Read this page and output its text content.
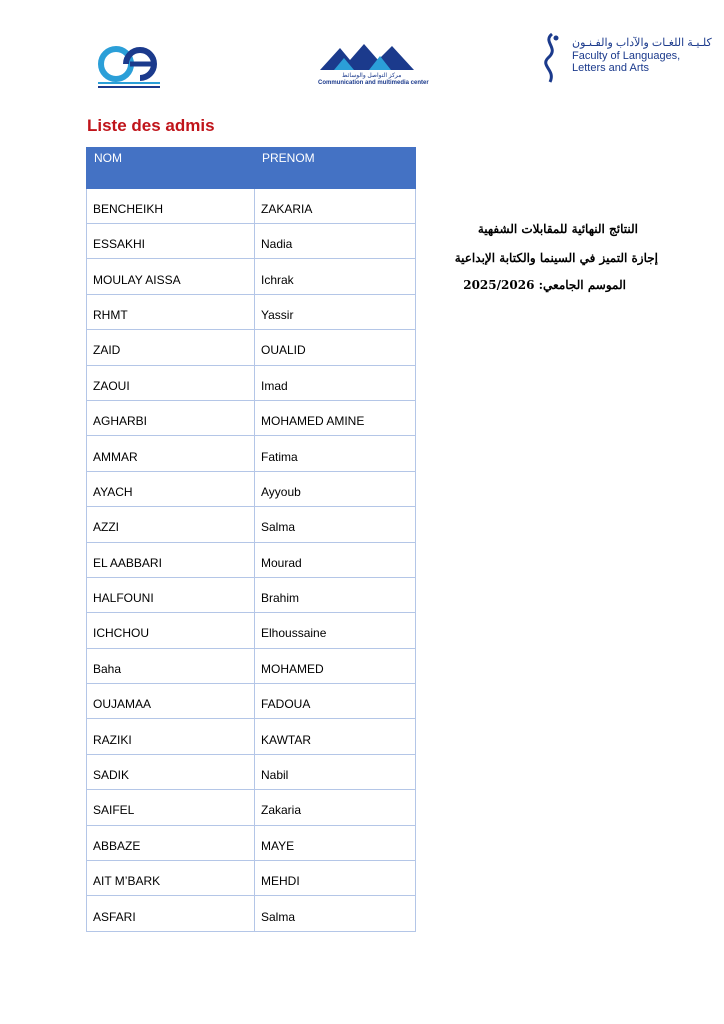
مركز التواصل والوسائط
Communication and multimedia center
كلـيـة اللغـات والآداب والفـنـون
Faculty of Languages, Letters and Arts
Liste des admis
NOM	PRENOM
BENCHEIKH	ZAKARIA
ESSAKHI	Nadia
MOULAY AISSA	Ichrak
RHMT	Yassir
ZAID	OUALID
ZAOUI	Imad
AGHARBI	MOHAMED AMINE
AMMAR	Fatima
AYACH	Ayyoub
AZZI	Salma
EL AABBARI	Mourad
HALFOUNI	Brahim
ICHCHOU	Elhoussaine
Baha	MOHAMED
OUJAMAA	FADOUA
RAZIKI	KAWTAR
SADIK	Nabil
SAIFEL	Zakaria
ABBAZE	MAYE
AIT M’BARK	MEHDI
ASFARI	Salma
النتائج النهائية للمقابلات الشفهية
إجازة التميز في السينما والكتابة الإبداعية
الموسم الجامعي: 2025/2026
